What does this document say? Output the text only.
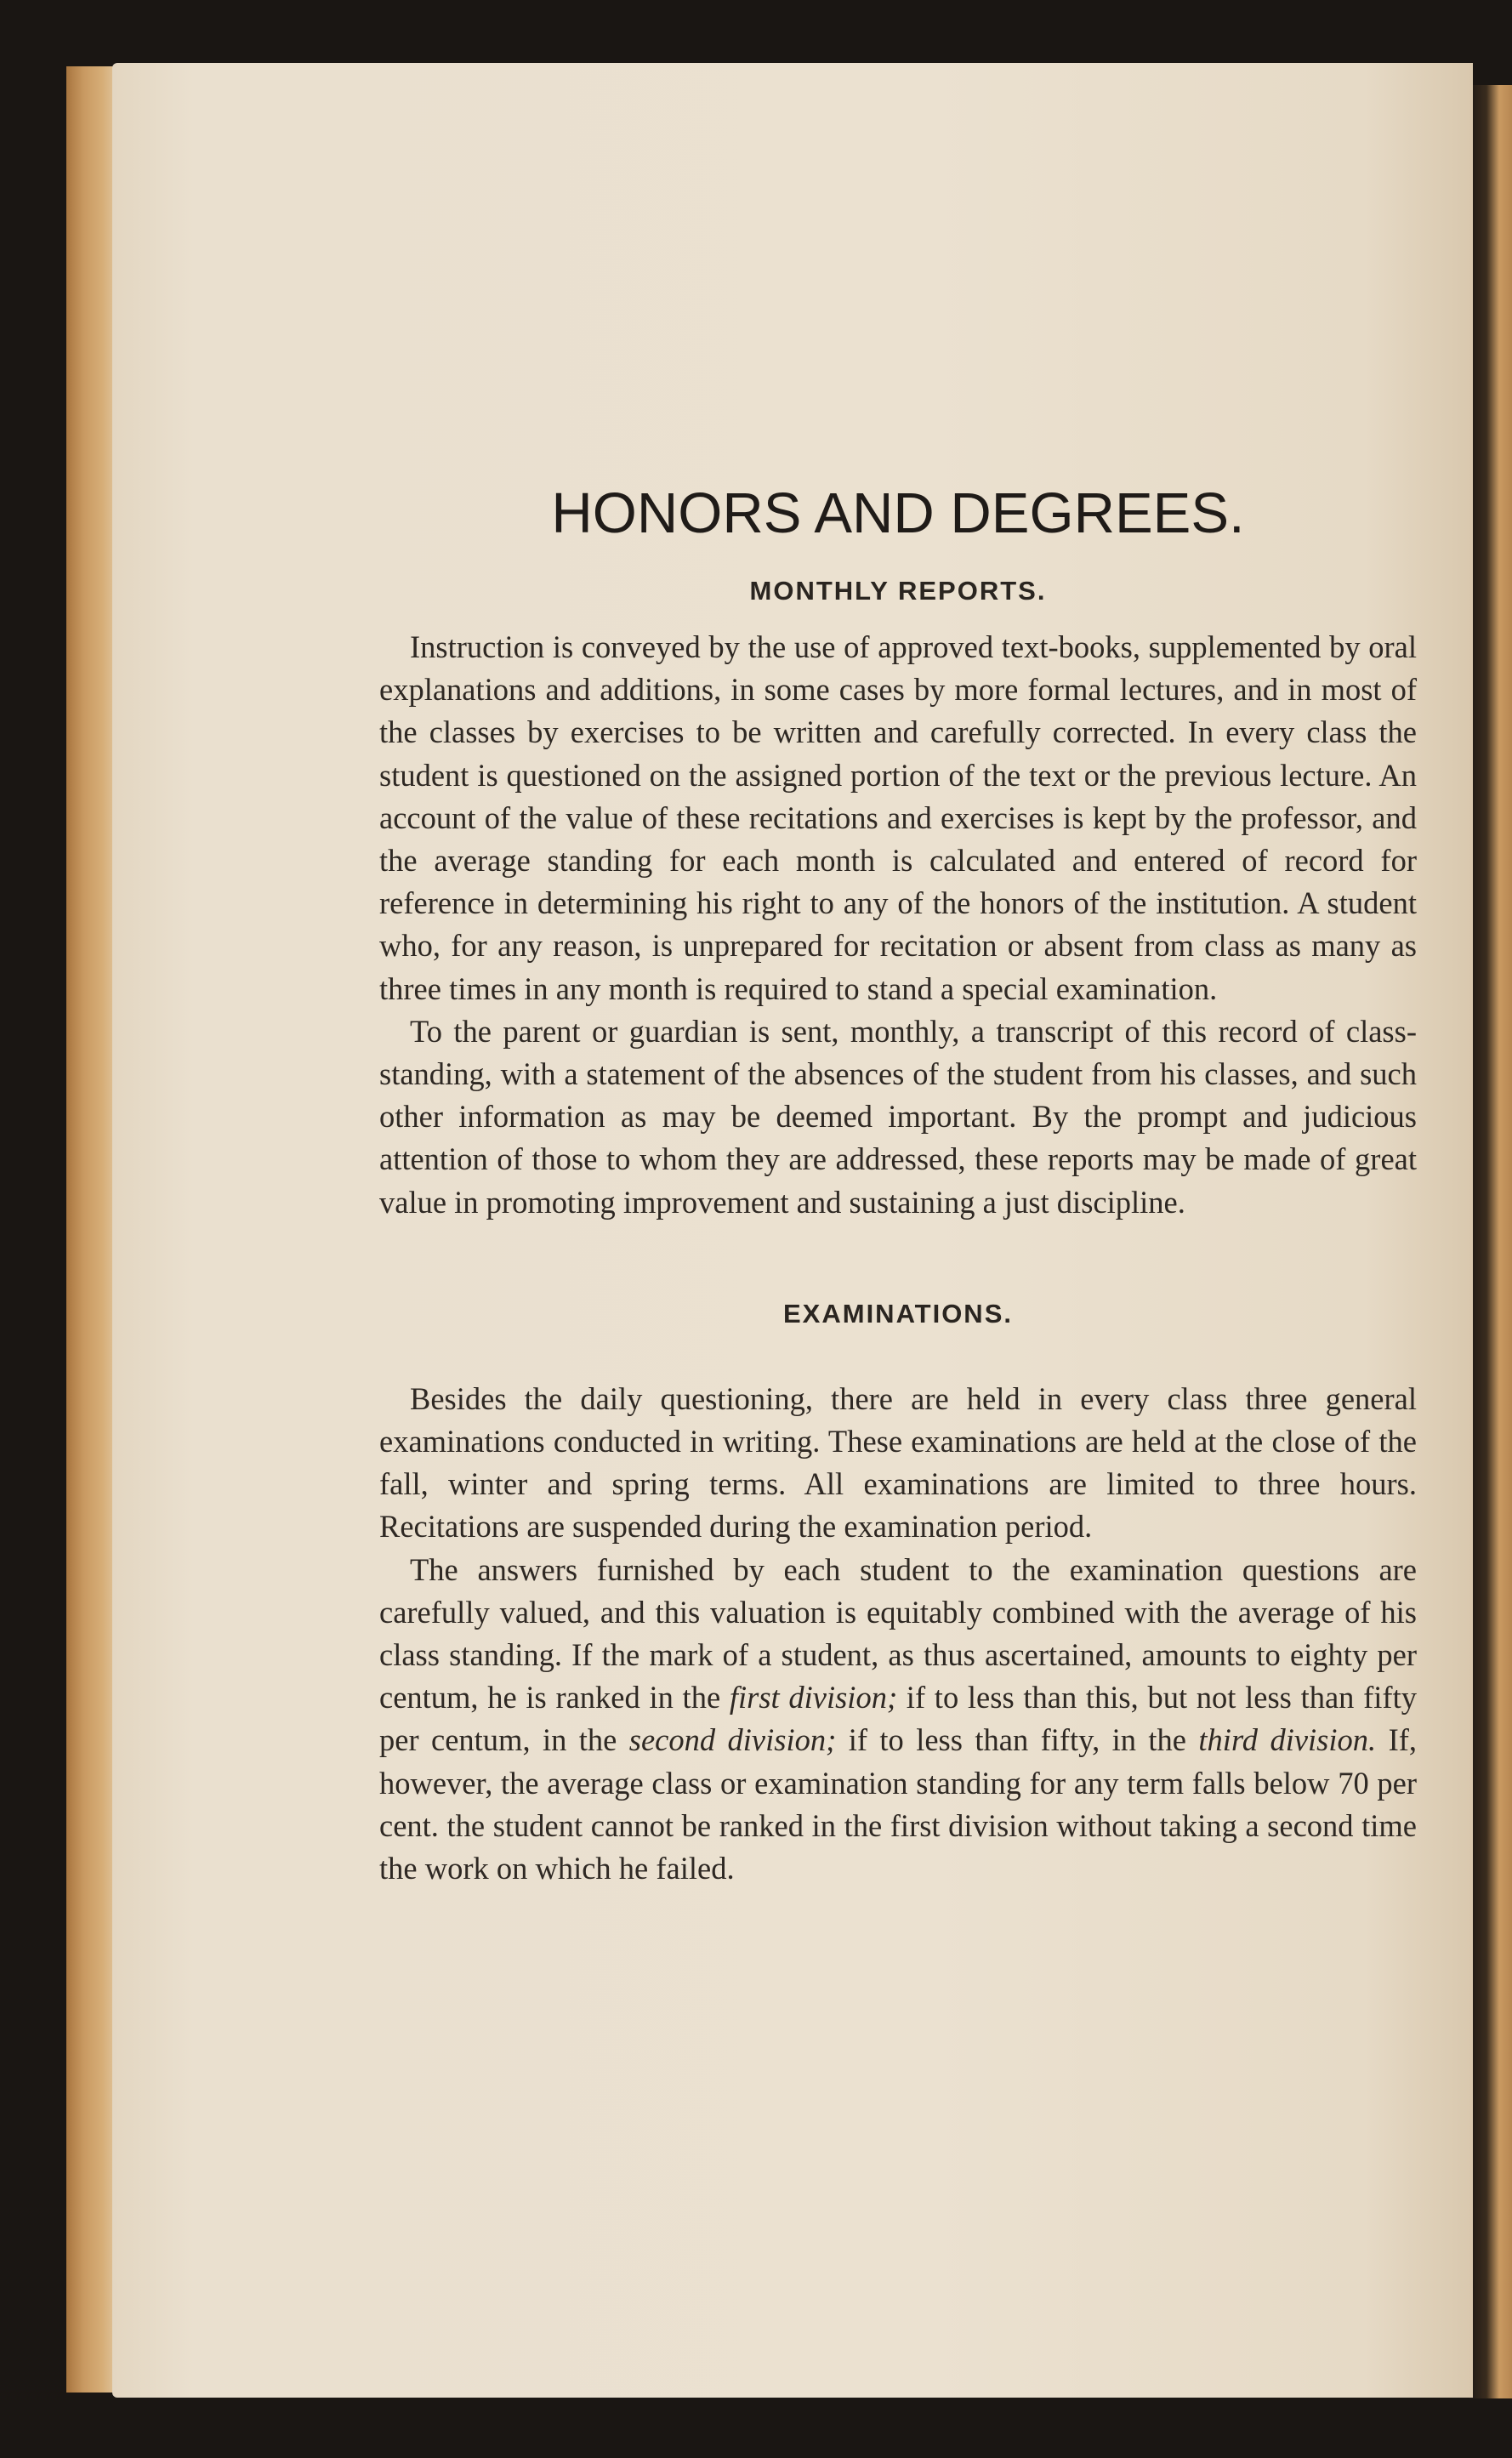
HONORS AND DEGREES.
MONTHLY REPORTS.

Instruction is conveyed by the use of approved text-books, supplemented by oral explanations and additions, in some cases by more formal lectures, and in most of the classes by exercises to be written and carefully corrected. In every class the student is questioned on the assigned portion of the text or the previous lecture. An account of the value of these recitations and exercises is kept by the professor, and the average standing for each month is calculated and entered of record for reference in determining his right to any of the honors of the institution. A student who, for any reason, is unprepared for recitation or absent from class as many as three times in any month is required to stand a special examination.

To the parent or guardian is sent, monthly, a transcript of this record of class-standing, with a statement of the absences of the student from his classes, and such other information as may be deemed important. By the prompt and judicious attention of those to whom they are addressed, these reports may be made of great value in promoting improvement and sustaining a just discipline.

EXAMINATIONS.

Besides the daily questioning, there are held in every class three general examinations conducted in writing. These examinations are held at the close of the fall, winter and spring terms. All examinations are limited to three hours. Recitations are suspended during the examination period.

The answers furnished by each student to the examination questions are carefully valued, and this valuation is equitably combined with the average of his class standing. If the mark of a student, as thus ascertained, amounts to eighty per centum, he is ranked in the first division; if to less than this, but not less than fifty per centum, in the second division; if to less than fifty, in the third division. If, however, the average class or examination standing for any term falls below 70 per cent. the student cannot be ranked in the first division without taking a second time the work on which he failed.
